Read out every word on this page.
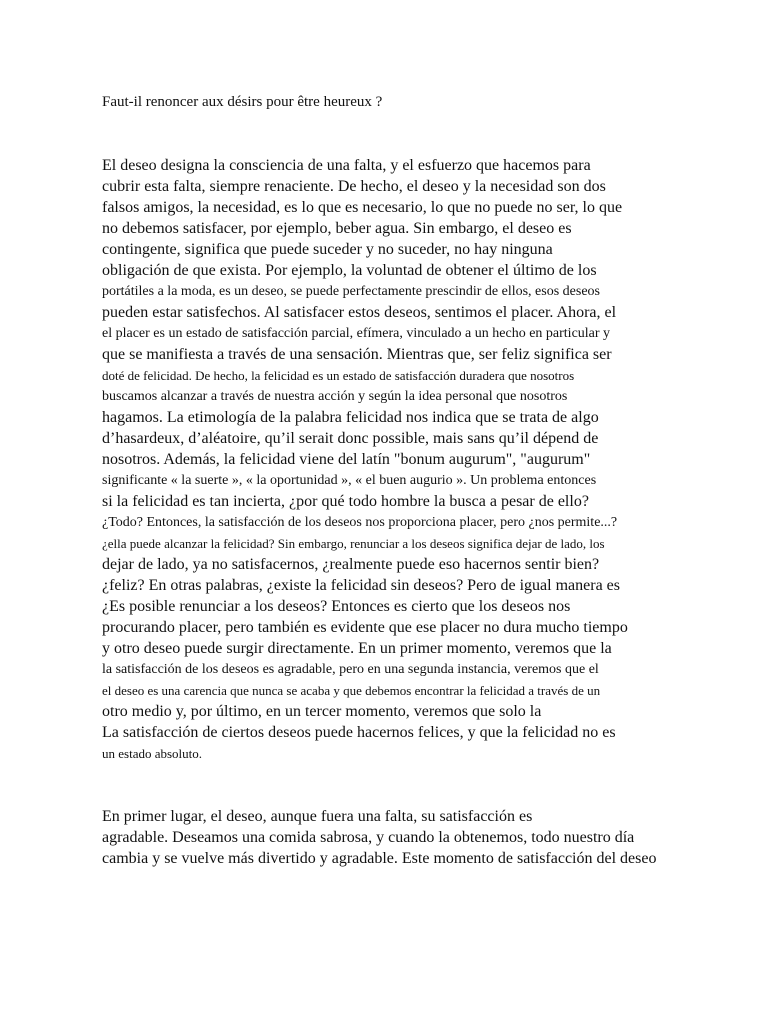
Faut-il renoncer aux désirs pour être heureux ?
El deseo designa la consciencia de una falta, y el esfuerzo que hacemos para
cubrir esta falta, siempre renaciente. De hecho, el deseo y la necesidad son dos
falsos amigos, la necesidad, es lo que es necesario, lo que no puede no ser, lo que
no debemos satisfacer, por ejemplo, beber agua. Sin embargo, el deseo es
contingente, significa que puede suceder y no suceder, no hay ninguna
obligación de que exista. Por ejemplo, la voluntad de obtener el último de los
portátiles a la moda, es un deseo, se puede perfectamente prescindir de ellos, esos deseos
pueden estar satisfechos. Al satisfacer estos deseos, sentimos el placer. Ahora, el
el placer es un estado de satisfacción parcial, efímera, vinculado a un hecho en particular y
que se manifiesta a través de una sensación. Mientras que, ser feliz significa ser
doté de felicidad. De hecho, la felicidad es un estado de satisfacción duradera que nosotros
buscamos alcanzar a través de nuestra acción y según la idea personal que nosotros
hagamos. La etimología de la palabra felicidad nos indica que se trata de algo
d’hasardeux, d’aléatoire, qu’il serait donc possible, mais sans qu’il dépend de
nosotros. Además, la felicidad viene del latín "bonum augurum", "augurum"
significante « la suerte », « la oportunidad », « el buen augurio ». Un problema entonces
si la felicidad es tan incierta, ¿por qué todo hombre la busca a pesar de ello?
¿Todo? Entonces, la satisfacción de los deseos nos proporciona placer, pero ¿nos permite...?
¿ella puede alcanzar la felicidad? Sin embargo, renunciar a los deseos significa dejar de lado, los
dejar de lado, ya no satisfacernos, ¿realmente puede eso hacernos sentir bien?
¿feliz? En otras palabras, ¿existe la felicidad sin deseos? Pero de igual manera es
¿Es posible renunciar a los deseos? Entonces es cierto que los deseos nos
procurando placer, pero también es evidente que ese placer no dura mucho tiempo
y otro deseo puede surgir directamente. En un primer momento, veremos que la
la satisfacción de los deseos es agradable, pero en una segunda instancia, veremos que el
el deseo es una carencia que nunca se acaba y que debemos encontrar la felicidad a través de un
otro medio y, por último, en un tercer momento, veremos que solo la
La satisfacción de ciertos deseos puede hacernos felices, y que la felicidad no es
un estado absoluto.
En primer lugar, el deseo, aunque fuera una falta, su satisfacción es
agradable. Deseamos una comida sabrosa, y cuando la obtenemos, todo nuestro día
cambia y se vuelve más divertido y agradable. Este momento de satisfacción del deseo
